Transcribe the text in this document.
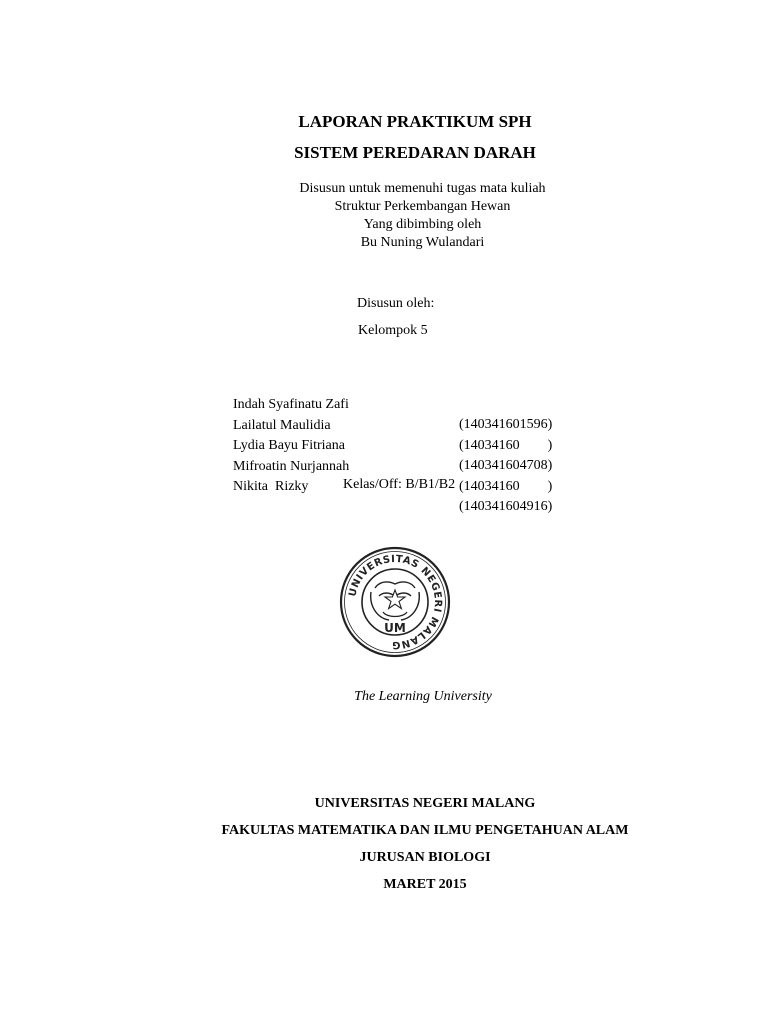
LAPORAN PRAKTIKUM SPH
SISTEM PEREDARAN DARAH
Disusun untuk memenuhi tugas mata kuliah
Struktur Perkembangan Hewan
Yang dibimbing oleh
Bu Nuning Wulandari
Disusun oleh:
Kelompok 5

Indah Syafinatu Zafi

(140341601596)

Lailatul Maulidia

(14034160        )

Lydia Bayu Fitriana

(140341604708)

Mifroatin Nurjannah

(14034160        )

Nikita  Rizky

(140341604916)

Kelas/Off: B/B1/B2
UNIVERSITAS NEGERI MALANG
UM
The Learning University
UNIVERSITAS NEGERI MALANG
FAKULTAS MATEMATIKA DAN ILMU PENGETAHUAN ALAM
JURUSAN BIOLOGI
MARET 2015
